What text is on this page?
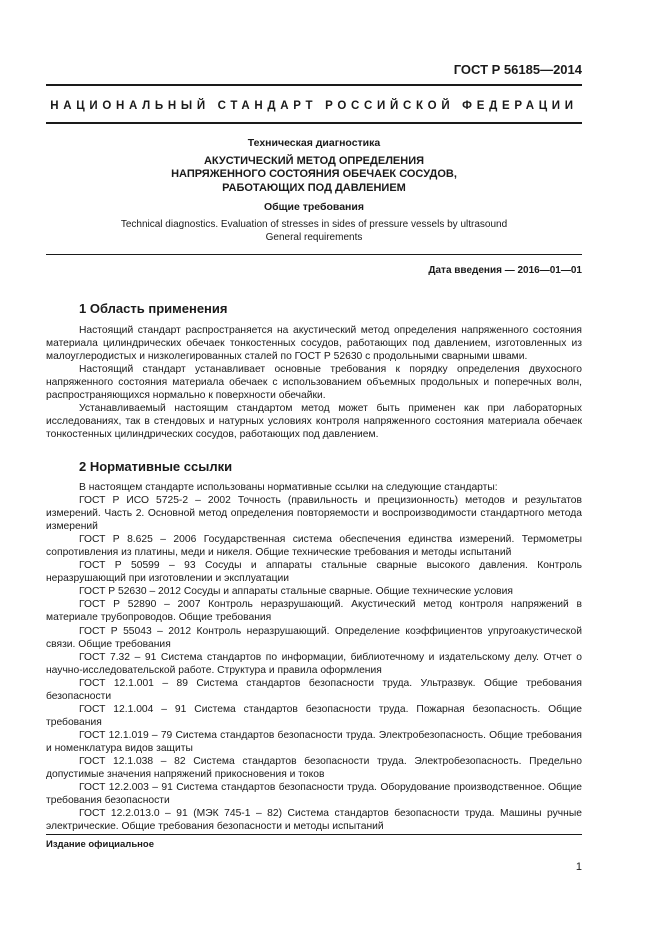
ГОСТ Р 56185—2014
НАЦИОНАЛЬНЫЙ СТАНДАРТ РОССИЙСКОЙ ФЕДЕРАЦИИ
Техническая диагностика
АКУСТИЧЕСКИЙ МЕТОД ОПРЕДЕЛЕНИЯ
НАПРЯЖЕННОГО СОСТОЯНИЯ ОБЕЧАЕК СОСУДОВ,
РАБОТАЮЩИХ ПОД ДАВЛЕНИЕМ
Общие требования
Technical diagnostics. Evaluation of stresses in sides of pressure vessels by ultrasound
General requirements
Дата введения — 2016—01—01
1 Область применения

Настоящий стандарт распространяется на акустический метод определения напряженного состояния материала цилиндрических обечаек тонкостенных сосудов, работающих под давлением, изготовленных из малоуглеродистых и низколегированных сталей по ГОСТ Р 52630 с продольными сварными швами.

Настоящий стандарт устанавливает основные требования к порядку определения двухосного напряженного состояния материала обечаек с использованием объемных продольных и поперечных волн, распространяющихся нормально к поверхности обечайки.

Устанавливаемый настоящим стандартом метод может быть применен как при лабораторных исследованиях, так в стендовых и натурных условиях контроля напряженного состояния материала обечаек тонкостенных цилиндрических сосудов, работающих под давлением.

2 Нормативные ссылки

В настоящем стандарте использованы нормативные ссылки на следующие стандарты:

ГОСТ Р ИСО 5725-2 – 2002 Точность (правильность и прецизионность) методов и результатов измерений. Часть 2. Основной метод определения повторяемости и воспроизводимости стандартного метода измерений

ГОСТ Р 8.625 – 2006 Государственная система обеспечения единства измерений. Термометры сопротивления из платины, меди и никеля. Общие технические требования и методы испытаний

ГОСТ Р 50599 – 93 Сосуды и аппараты стальные сварные высокого давления. Контроль неразрушающий при изготовлении и эксплуатации

ГОСТ Р 52630 – 2012 Сосуды и аппараты стальные сварные. Общие технические условия

ГОСТ Р 52890 – 2007 Контроль неразрушающий. Акустический метод контроля напряжений в материале трубопроводов. Общие требования

ГОСТ Р 55043 – 2012 Контроль неразрушающий. Определение коэффициентов упругоакустической связи. Общие требования

ГОСТ 7.32 – 91 Система стандартов по информации, библиотечному и издательскому делу. Отчет о научно-исследовательской работе. Структура и правила оформления

ГОСТ 12.1.001 – 89 Система стандартов безопасности труда. Ультразвук. Общие требования безопасности

ГОСТ 12.1.004 – 91 Система стандартов безопасности труда. Пожарная безопасность. Общие требования

ГОСТ 12.1.019 – 79 Система стандартов безопасности труда. Электробезопасность. Общие требования и номенклатура видов защиты

ГОСТ 12.1.038 – 82 Система стандартов безопасности труда. Электробезопасность. Предельно допустимые значения напряжений прикосновения и токов

ГОСТ 12.2.003 – 91 Система стандартов безопасности труда. Оборудование производственное. Общие требования безопасности

ГОСТ 12.2.013.0 – 91 (МЭК 745-1 – 82) Система стандартов безопасности труда. Машины ручные электрические. Общие требования безопасности и методы испытаний

Издание официальное
1
